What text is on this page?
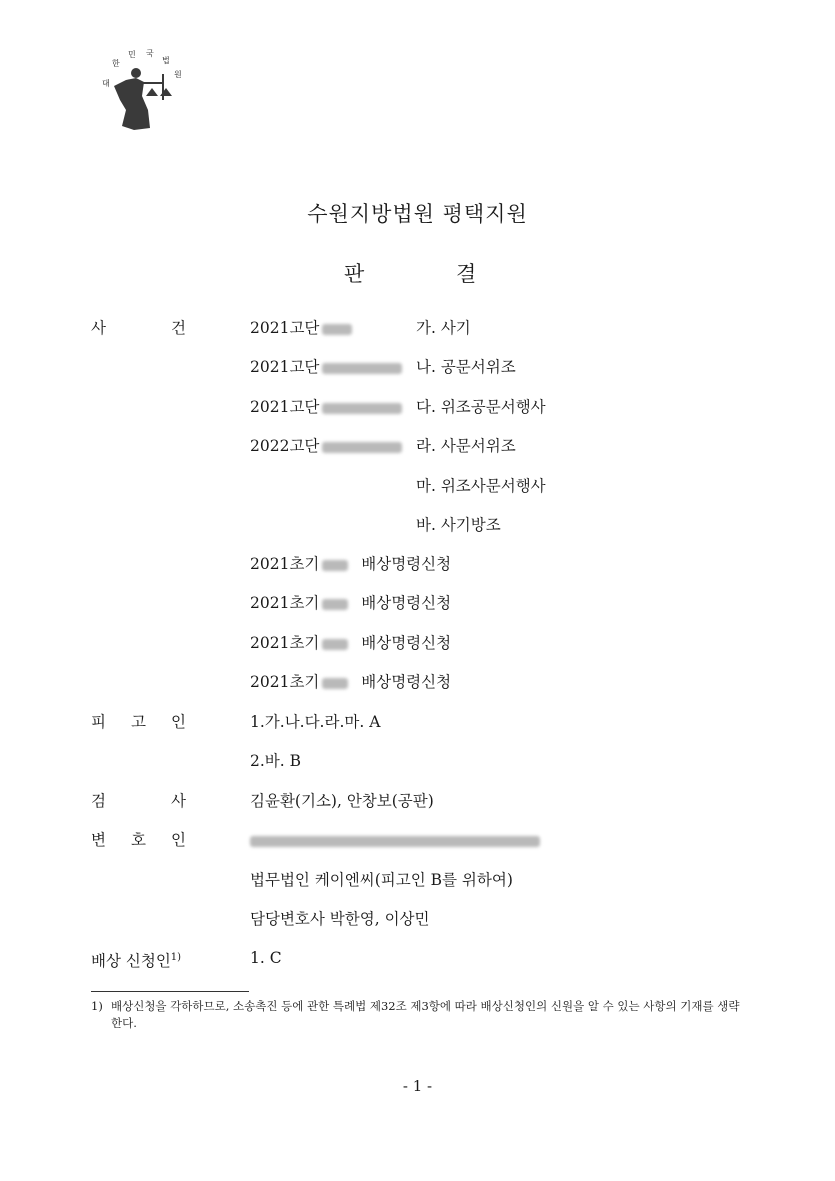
대
한
민 국
법
원
수원지방법원 평택지원
판	결
사	건	2021고단	가. 사기
2021고단	나. 공문서위조
2021고단	다. 위조공문서행사
2022고단	라. 사문서위조
마. 위조사문서행사
바. 사기방조
2021초기	배상명령신청
2021초기	배상명령신청
2021초기	배상명령신청
2021초기	배상명령신청
피 고 인	1.가.나.다.라.마. A
2.바. B
검	사	김윤환(기소), 안창보(공판)
변 호 인
법무법인 케이엔씨(피고인 B를 위하여)
담당변호사 박한영, 이상민
배상 신청인$^{1)}$	1. C
1) 배상신청을 각하하므로, 소송촉진 등에 관한 특례법 제32조 제3항에 따라 배상신청인의 신원을 알 수 있는 사항의 기재를 생략한다.
- 1 -
